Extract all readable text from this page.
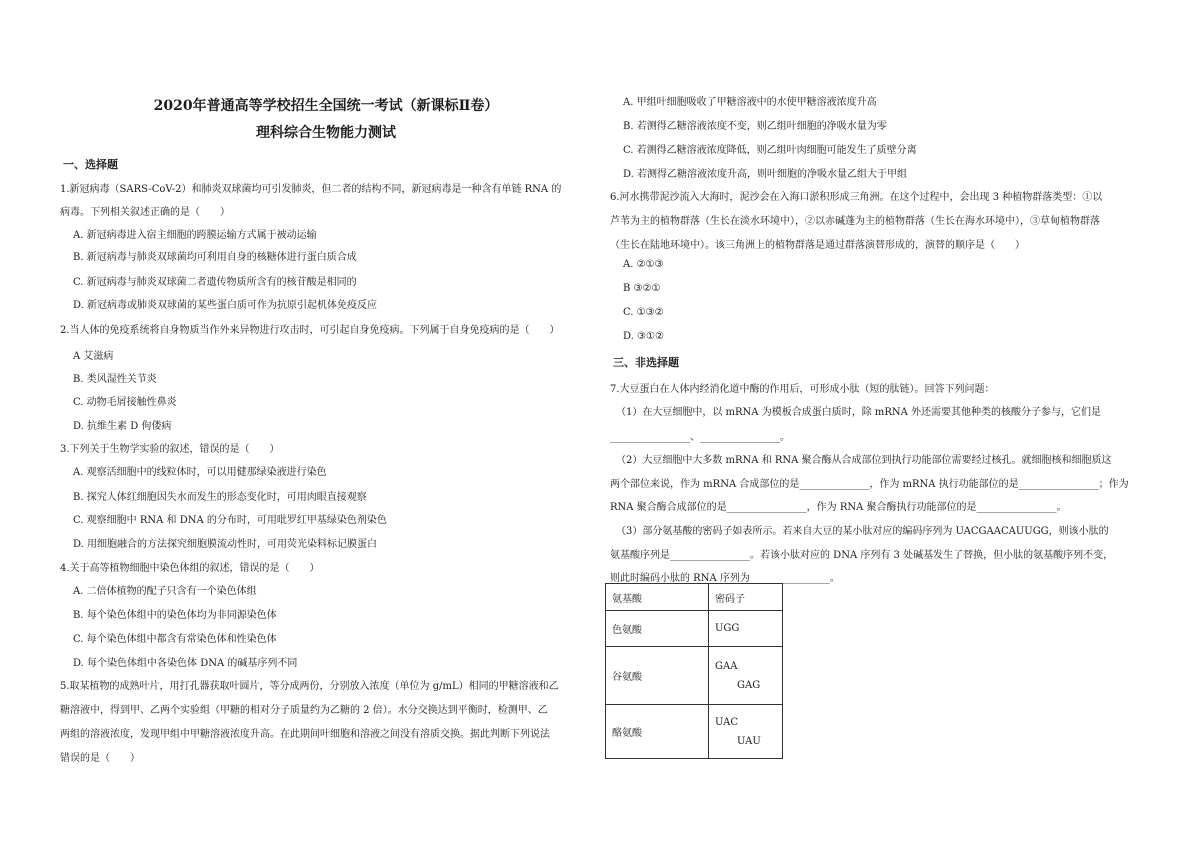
2020年普通高等学校招生全国统一考试（新课标Ⅱ卷）
理科综合生物能力测试
一、选择题
1.新冠病毒（SARS-CoV-2）和肺炎双球菌均可引发肺炎，但二者的结构不同，新冠病毒是一种含有单链 RNA 的
病毒。下列相关叙述正确的是（　　）
A. 新冠病毒进入宿主细胞的跨膜运输方式属于被动运输
B. 新冠病毒与肺炎双球菌均可利用自身的核糖体进行蛋白质合成
C. 新冠病毒与肺炎双球菌二者遗传物质所含有的核苷酸是相同的
D. 新冠病毒或肺炎双球菌的某些蛋白质可作为抗原引起机体免疫反应
2.当人体的免疫系统将自身物质当作外来异物进行攻击时，可引起自身免疫病。下列属于自身免疫病的是（　　）
A 艾滋病
B. 类风湿性关节炎
C. 动物毛屑接触性鼻炎
D. 抗维生素 D 佝偻病
3.下列关于生物学实验的叙述，错误的是（　　）
A. 观察活细胞中的线粒体时，可以用健那绿染液进行染色
B. 探究人体红细胞因失水而发生的形态变化时，可用肉眼直接观察
C. 观察细胞中 RNA 和 DNA 的分布时，可用吡罗红甲基绿染色剂染色
D. 用细胞融合的方法探究细胞膜流动性时，可用荧光染料标记膜蛋白
4.关于高等植物细胞中染色体组的叙述，错误的是（　　）
A. 二倍体植物的配子只含有一个染色体组
B. 每个染色体组中的染色体均为非同源染色体
C. 每个染色体组中都含有常染色体和性染色体
D. 每个染色体组中各染色体 DNA 的碱基序列不同
5.取某植物的成熟叶片，用打孔器获取叶圆片，等分成两份，分别放入浓度（单位为 g/mL）相同的甲糖溶液和乙
糖溶液中，得到甲、乙两个实验组（甲糖的相对分子质量约为乙糖的 2 倍）。水分交换达到平衡时，检测甲、乙
两组的溶液浓度，发现甲组中甲糖溶液浓度升高。在此期间叶细胞和溶液之间没有溶质交换。据此判断下列说法
错误的是（　　）
A. 甲组叶细胞吸收了甲糖溶液中的水使甲糖溶液浓度升高
B. 若测得乙糖溶液浓度不变，则乙组叶细胞的净吸水量为零
C. 若测得乙糖溶液浓度降低，则乙组叶肉细胞可能发生了质壁分离
D. 若测得乙糖溶液浓度升高，则叶细胞的净吸水量乙组大于甲组
6.河水携带泥沙流入大海时，泥沙会在入海口淤积形成三角洲。在这个过程中，会出现 3 种植物群落类型：①以
芦苇为主的植物群落（生长在淡水环境中），②以赤碱蓬为主的植物群落（生长在海水环境中），③草甸植物群落
（生长在陆地环境中）。该三角洲上的植物群落是通过群落演替形成的，演替的顺序是（　　）
A. ②①③
B ③②①
C. ①③②
D. ③①②
三、非选择题
7.大豆蛋白在人体内经消化道中酶的作用后，可形成小肽（短的肽链）。回答下列问题：
（1）在大豆细胞中，以 mRNA 为模板合成蛋白质时，除 mRNA 外还需要其他种类的核酸分子参与，它们是
________________、________________。
（2）大豆细胞中大多数 mRNA 和 RNA 聚合酶从合成部位到执行功能部位需要经过核孔。就细胞核和细胞质这
两个部位来说，作为 mRNA 合成部位的是______________，作为 mRNA 执行功能部位的是________________；作为
RNA 聚合酶合成部位的是________________，作为 RNA 聚合酶执行功能部位的是________________。
（3）部分氨基酸的密码子如表所示。若来自大豆的某小肽对应的编码序列为 UACGAACAUUGG，则该小肽的
氨基酸序列是________________。若该小肽对应的 DNA 序列有 3 处碱基发生了替换，但小肽的氨基酸序列不变，
则此时编码小肽的 RNA 序列为________________。
氨基酸	密码子
色氨酸	UGG
谷氨酸	GAA
GAG

酪氨酸	UAC
UAU
